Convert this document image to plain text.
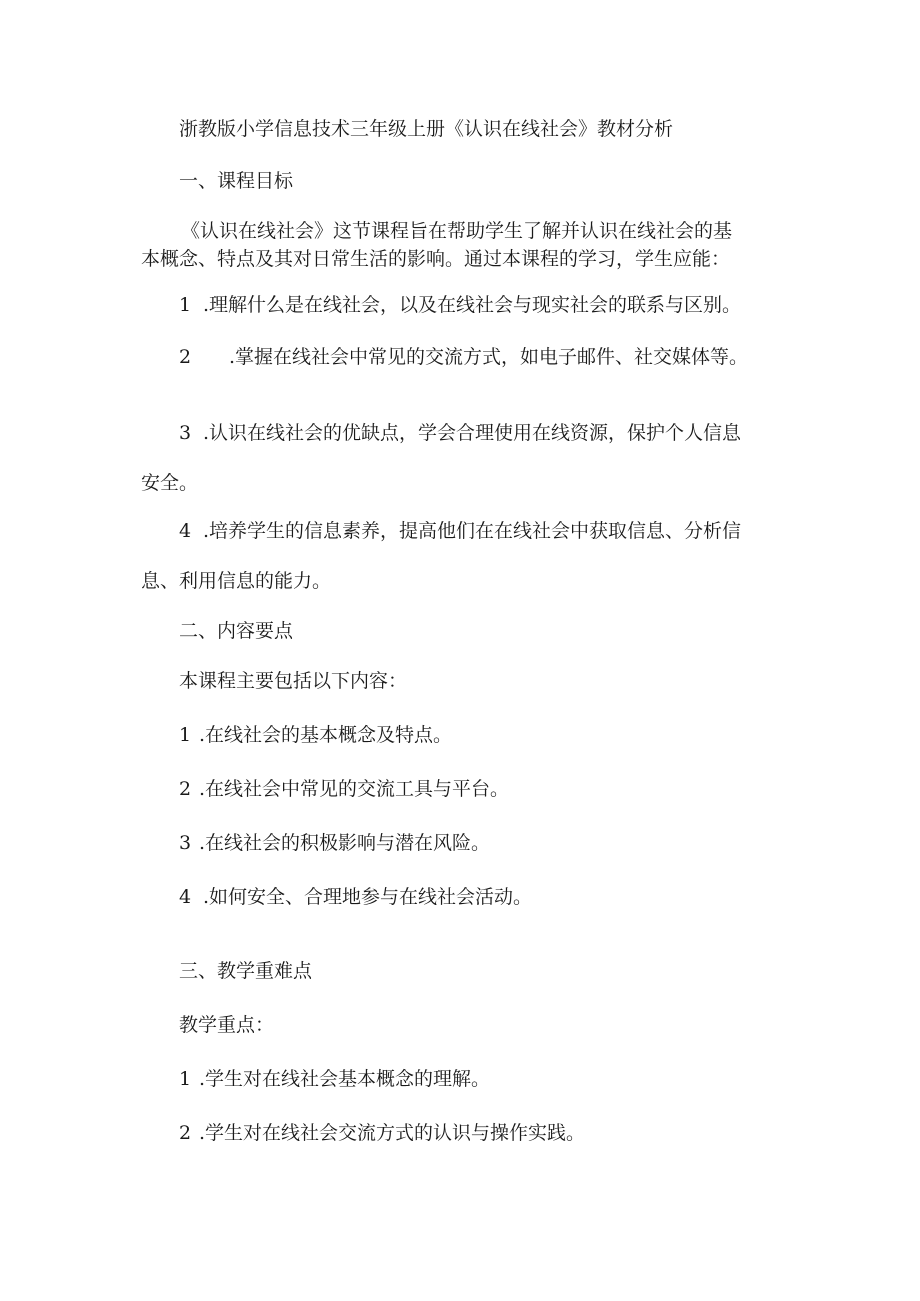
浙教版小学信息技术三年级上册《认识在线社会》教材分析

一、课程目标

《认识在线社会》这节课程旨在帮助学生了解并认识在线社会的基

本概念、特点及其对日常生活的影响。通过本课程的学习，学生应能：

1 .理解什么是在线社会，以及在线社会与现实社会的联系与区别。
2 .掌握在线社会中常见的交流方式，如电子邮件、社交媒体等。
3 .认识在线社会的优缺点，学会合理使用在线资源，保护个人信息

安全。

4 .培养学生的信息素养，提高他们在在线社会中获取信息、分析信

息、利用信息的能力。

二、内容要点

本课程主要包括以下内容：

1 .在线社会的基本概念及特点。
2 .在线社会中常见的交流工具与平台。
3 .在线社会的积极影响与潜在风险。
4 .如何安全、合理地参与在线社会活动。

三、教学重难点

教学重点：

1 .学生对在线社会基本概念的理解。
2 .学生对在线社会交流方式的认识与操作实践。
